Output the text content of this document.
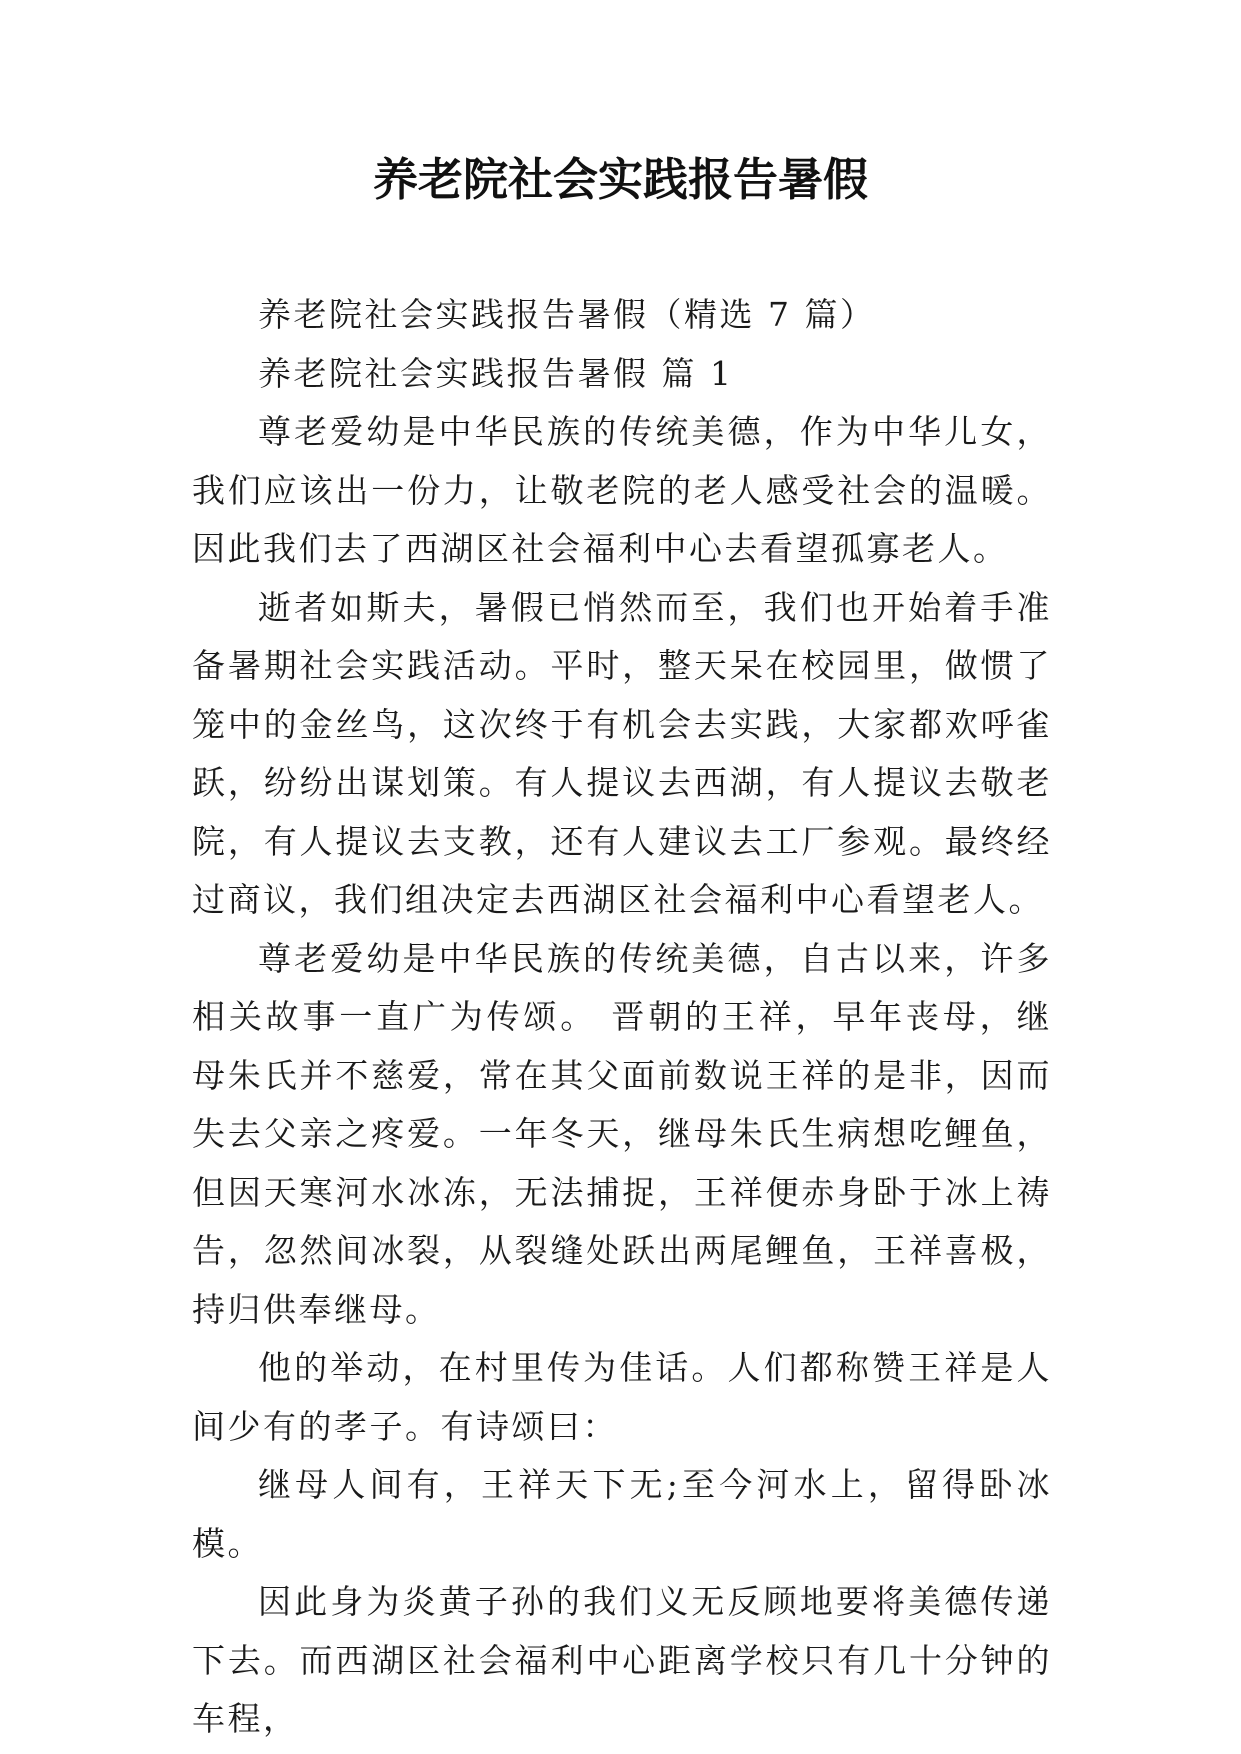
养老院社会实践报告暑假

养老院社会实践报告暑假（精选 7 篇）

养老院社会实践报告暑假 篇 1

尊老爱幼是中华民族的传统美德，作为中华儿女，我们应该出一份力，让敬老院的老人感受社会的温暖。因此我们去了西湖区社会福利中心去看望孤寡老人。

逝者如斯夫，暑假已悄然而至，我们也开始着手准备暑期社会实践活动。平时，整天呆在校园里，做惯了笼中的金丝鸟，这次终于有机会去实践，大家都欢呼雀跃，纷纷出谋划策。有人提议去西湖，有人提议去敬老院，有人提议去支教，还有人建议去工厂参观。最终经过商议，我们组决定去西湖区社会福利中心看望老人。

尊老爱幼是中华民族的传统美德，自古以来，许多相关故事一直广为传颂。 晋朝的王祥，早年丧母，继母朱氏并不慈爱，常在其父面前数说王祥的是非，因而失去父亲之疼爱。一年冬天，继母朱氏生病想吃鲤鱼，但因天寒河水冰冻，无法捕捉，王祥便赤身卧于冰上祷告，忽然间冰裂，从裂缝处跃出两尾鲤鱼，王祥喜极，持归供奉继母。

他的举动，在村里传为佳话。人们都称赞王祥是人间少有的孝子。有诗颂曰：

继母人间有，王祥天下无;至今河水上，留得卧冰模。

因此身为炎黄子孙的我们义无反顾地要将美德传递下去。而西湖区社会福利中心距离学校只有几十分钟的车程，
